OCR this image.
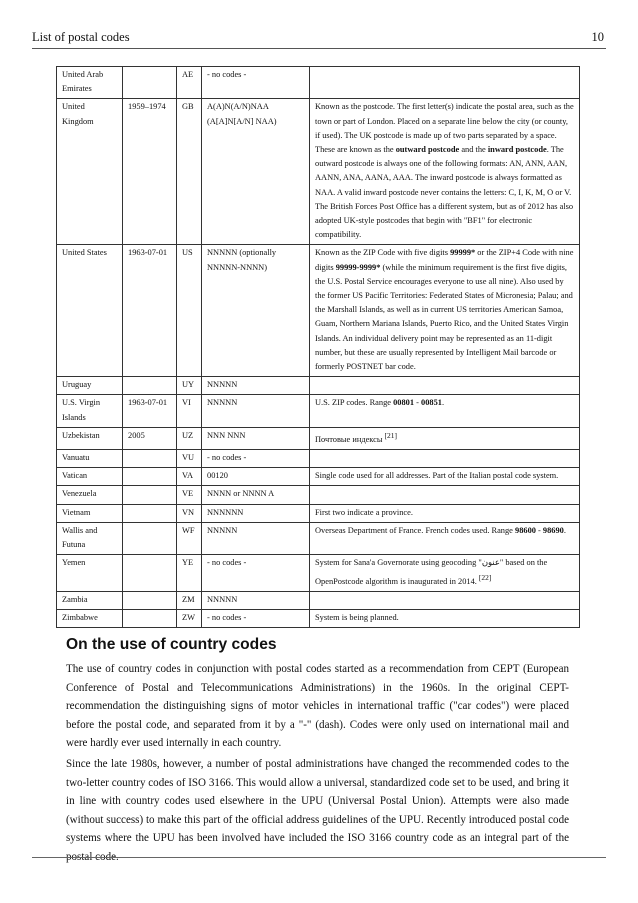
List of postal codes	10
United Arab Emirates		AE	- no codes -	
United Kingdom	1959–1974	GB	A(A)N(A/N)NAA (A[A]N[A/N] NAA)	Known as the postcode. The first letter(s) indicate the postal area, such as the town or part of London. Placed on a separate line below the city (or county, if used). The UK postcode is made up of two parts separated by a space. These are known as the outward postcode and the inward postcode. The outward postcode is always one of the following formats: AN, ANN, AAN, AANN, ANA, AANA, AAA. The inward postcode is always formatted as NAA. A valid inward postcode never contains the letters: C, I, K, M, O or V. The British Forces Post Office has a different system, but as of 2012 has also adopted UK-style postcodes that begin with "BF1" for electronic compatibility.
United States	1963-07-01	US	NNNNN (optionally NNNNN-NNNN)	Known as the ZIP Code with five digits 99999* or the ZIP+4 Code with nine digits 99999-9999* (while the minimum requirement is the first five digits, the U.S. Postal Service encourages everyone to use all nine). Also used by the former US Pacific Territories: Federated States of Micronesia; Palau; and the Marshall Islands, as well as in current US territories American Samoa, Guam, Northern Mariana Islands, Puerto Rico, and the United States Virgin Islands. An individual delivery point may be represented as an 11-digit number, but these are usually represented by Intelligent Mail barcode or formerly POSTNET bar code.
Uruguay		UY	NNNNN	
U.S. Virgin Islands	1963-07-01	VI	NNNNN	U.S. ZIP codes. Range 00801 - 00851.
Uzbekistan	2005	UZ	NNN NNN	Почтовые индексы [21]
Vanuatu		VU	- no codes -	
Vatican		VA	00120	Single code used for all addresses. Part of the Italian postal code system.
Venezuela		VE	NNNN or NNNN A	
Vietnam		VN	NNNNNN	First two indicate a province.
Wallis and Futuna		WF	NNNNN	Overseas Department of France. French codes used. Range 98600 - 98690.
Yemen		YE	- no codes -	System for Sana'a Governorate using geocoding "عنون" based on the OpenPostcode algorithm is inaugurated in 2014. [22]
Zambia		ZM	NNNNN	
Zimbabwe		ZW	- no codes -	System is being planned.
On the use of country codes

The use of country codes in conjunction with postal codes started as a recommendation from CEPT (European Conference of Postal and Telecommunications Administrations) in the 1960s. In the original CEPT-recommendation the distinguishing signs of motor vehicles in international traffic ("car codes") were placed before the postal code, and separated from it by a "-" (dash). Codes were only used on international mail and were hardly ever used internally in each country.

Since the late 1980s, however, a number of postal administrations have changed the recommended codes to the two-letter country codes of ISO 3166. This would allow a universal, standardized code set to be used, and bring it in line with country codes used elsewhere in the UPU (Universal Postal Union). Attempts were also made (without success) to make this part of the official address guidelines of the UPU. Recently introduced postal code systems where the UPU has been involved have included the ISO 3166 country code as an integral part of the postal code.
